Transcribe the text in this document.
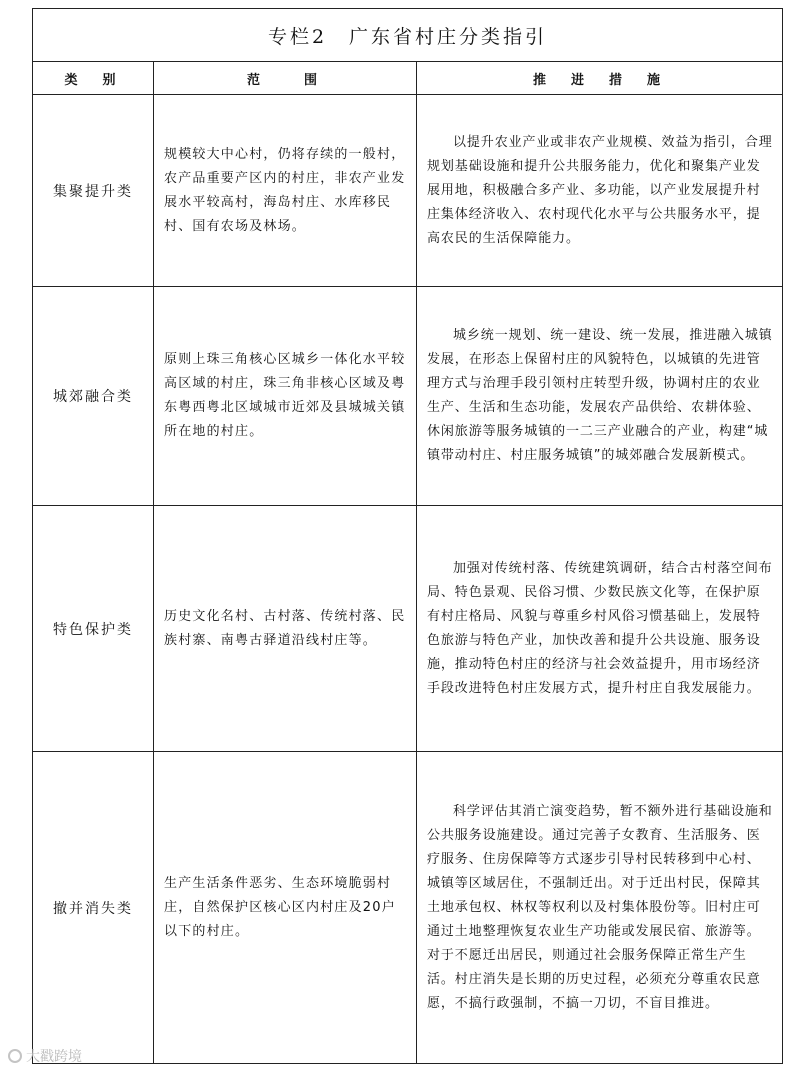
专栏2　广东省村庄分类指引		
类　别	范　　围	推　进　措　施
集聚提升类	规模较大中心村，仍将存续的一般村，农产品重要产区内的村庄，非农产业发展水平较高村，海岛村庄、水库移民村、国有农场及林场。	以提升农业产业或非农产业规模、效益为指引，合理规划基础设施和提升公共服务能力，优化和聚集产业发展用地，积极融合多产业、多功能，以产业发展提升村庄集体经济收入、农村现代化水平与公共服务水平，提高农民的生活保障能力。
城郊融合类	原则上珠三角核心区城乡一体化水平较高区域的村庄，珠三角非核心区域及粤东粤西粤北区域城市近郊及县城城关镇所在地的村庄。	城乡统一规划、统一建设、统一发展，推进融入城镇发展，在形态上保留村庄的风貌特色，以城镇的先进管理方式与治理手段引领村庄转型升级，协调村庄的农业生产、生活和生态功能，发展农产品供给、农耕体验、休闲旅游等服务城镇的一二三产业融合的产业，构建“城镇带动村庄、村庄服务城镇”的城郊融合发展新模式。
特色保护类	历史文化名村、古村落、传统村落、民族村寨、南粤古驿道沿线村庄等。	加强对传统村落、传统建筑调研，结合古村落空间布局、特色景观、民俗习惯、少数民族文化等，在保护原有村庄格局、风貌与尊重乡村风俗习惯基础上，发展特色旅游与特色产业，加快改善和提升公共设施、服务设施，推动特色村庄的经济与社会效益提升，用市场经济手段改进特色村庄发展方式，提升村庄自我发展能力。
撤并消失类	生产生活条件恶劣、生态环境脆弱村庄，自然保护区核心区内村庄及20户以下的村庄。	科学评估其消亡演变趋势，暂不额外进行基础设施和公共服务设施建设。通过完善子女教育、生活服务、医疗服务、住房保障等方式逐步引导村民转移到中心村、城镇等区域居住，不强制迁出。对于迁出村民，保障其土地承包权、林权等权利以及村集体股份等。旧村庄可通过土地整理恢复农业生产功能或发展民宿、旅游等。对于不愿迁出居民，则通过社会服务保障正常生产生活。村庄消失是长期的历史过程，必须充分尊重农民意愿，不搞行政强制，不搞一刀切，不盲目推进。
大戳跨境
